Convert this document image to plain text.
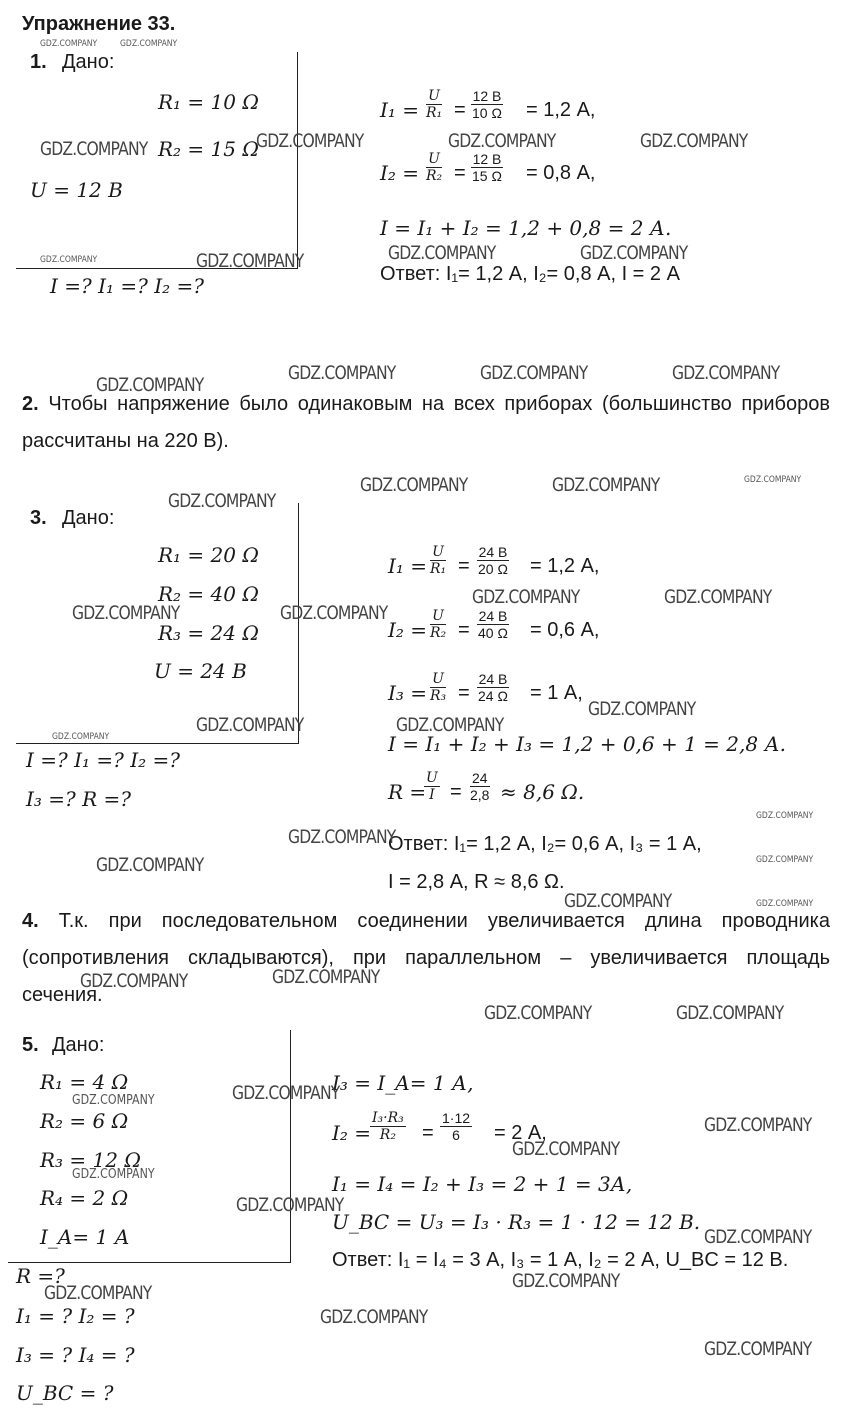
Упражнение 33.
1. Дано:
R₁ = 10 Ω
R₂ = 15 Ω
U = 12 В
I =? I₁ =? I₂ =?
$I_1 = \frac{U}{\text{R₁}}$ =
12 В
10 Ω = 1,2 А,
$I_2 = \frac{U}{\text{R₂}}$ =
12 В
15 Ω = 0,8 А,
I = I₁ + I₂ = 1,2 + 0,8 = 2 А.
Ответ: I₁= 1,2 А, I₂= 0,8 А, I = 2 А
2. Чтобы напряжение было одинаковым на всех приборах (большинство приборов рассчитаны на 220 В).
3. Дано:
R₁ = 20 Ω
R₂ = 40 Ω
R₃ = 24 Ω
U = 24 В
I =? I₁ =? I₂ =?
I₃ =? R =?
$I_1 = \frac{U}{\text{R₁}}$ =
24 В
20 Ω = 1,2 А,
$I_2 = \frac{U}{\text{R₂}}$ =
24 В
40 Ω = 0,6 А,
$I_3 = \frac{U}{\text{R₃}}$ =
24 В
24 Ω = 1 А,
I = I₁ + I₂ + I₃ = 1,2 + 0,6 + 1 = 2,8 А.
R =
$\frac{U}{I} = \frac{24}{2,8} \approx 8,6$ Ω.
Ответ: I₁= 1,2 А, I₂= 0,6 А, I₃ = 1 А,
I = 2,8 А, R ≈ 8,6 Ω.
4. Т.к. при последовательном соединении увеличивается длина проводника (сопротивления складываются), при параллельном – увеличивается площадь сечения.
5. Дано:
R₁ = 4 Ω
R₂ = 6 Ω
R₃ = 12 Ω
R₄ = 2 Ω
I_A= 1 А
R =?
I₁ = ? I₂ = ?
I₃ = ? I₄ = ?
U_BC = ?
I₃ = I_A= 1 А,
I₂ =
$\frac{\text{I₃·R₃}}{\text{R₂}} = \frac{1\cdot 12}{6} = 2$ А,
I₁ = I₄ = I₂ + I₃ = 2 + 1 = 3А,
U_BC = U₃ = I₃ · R₃ = 1 · 12 = 12 В.
Ответ: I₁ = I₄ = 3 А, I₃ = 1 А, I₂ = 2 А, U_BC = 12 В.
GDZ.COMPANY	GDZ.COMPANY
GDZ.COMPANY	GDZ.COMPANY	GDZ.COMPANY	GDZ.COMPANY
GDZ.COMPANY	GDZ.COMPANY	GDZ.COMPANY	GDZ.COMPANY
GDZ.COMPANY
GDZ.COMPANY	GDZ.COMPANY	GDZ.COMPANY
GDZ.COMPANY	GDZ.COMPANY	GDZ.COMPANY
GDZ.COMPANY
GDZ.COMPANY	GDZ.COMPANY
GDZ.COMPANY	GDZ.COMPANY
GDZ.COMPANY
GDZ.COMPANY	GDZ.COMPANY
GDZ.COMPANY
GDZ.COMPANY
GDZ.COMPANY
GDZ.COMPANY	GDZ.COMPANY
GDZ.COMPANY	GDZ.COMPANY
GDZ.COMPANY
GDZ.COMPANY
GDZ.COMPANY	GDZ.COMPANY
GDZ.COMPANY
GDZ.COMPANY
GDZ.COMPANY
GDZ.COMPANY
GDZ.COMPANY
GDZ.COMPANY
GDZ.COMPANY
GDZ.COMPANY
GDZ.COMPANY
GDZ.COMPANY
GDZ.COMPANY
